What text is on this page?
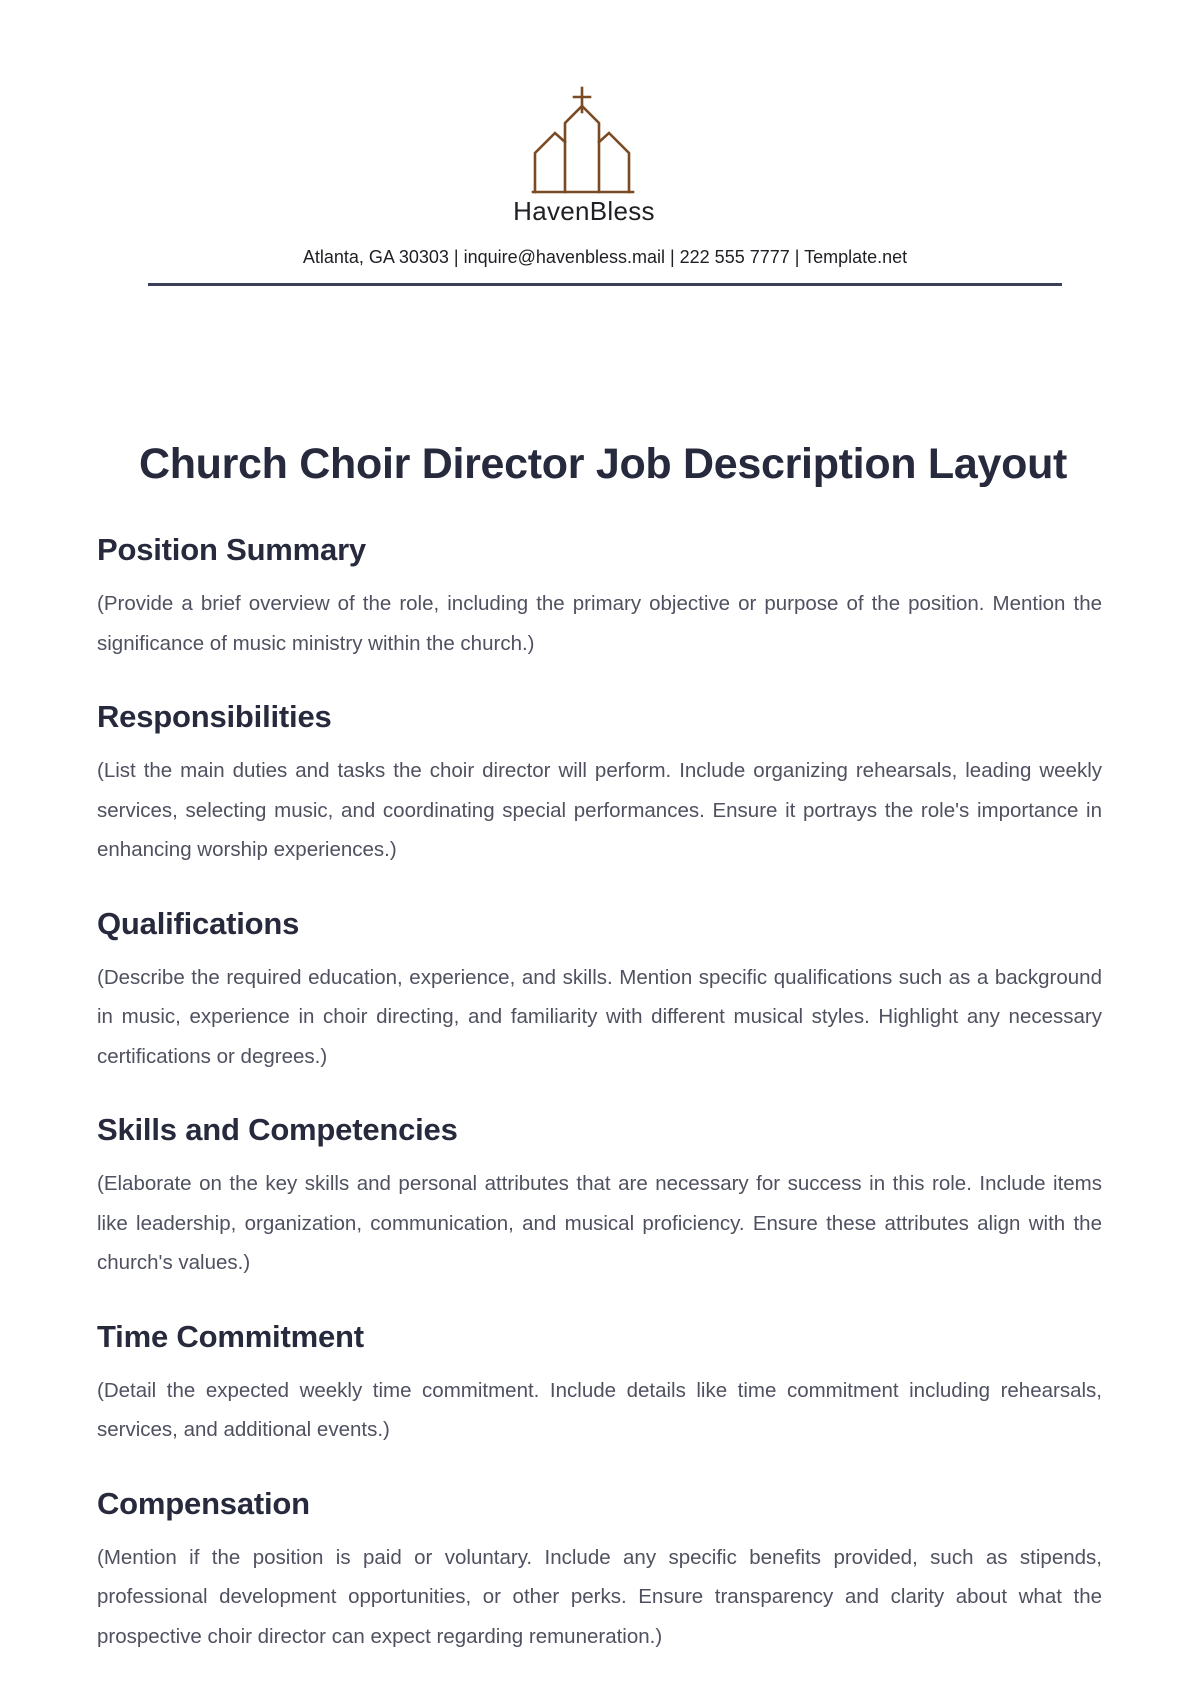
HavenBless
Atlanta, GA 30303 | inquire@havenbless.mail | 222 555 7777 | Template.net
Church Choir Director Job Description Layout
Position Summary

(Provide a brief overview of the role, including the primary objective or purpose of the position. Mention the significance of music ministry within the church.)

Responsibilities

(List the main duties and tasks the choir director will perform. Include organizing rehearsals, leading weekly services, selecting music, and coordinating special performances. Ensure it portrays the role's importance in enhancing worship experiences.)

Qualifications

(Describe the required education, experience, and skills. Mention specific qualifications such as a background in music, experience in choir directing, and familiarity with different musical styles. Highlight any necessary certifications or degrees.)

Skills and Competencies

(Elaborate on the key skills and personal attributes that are necessary for success in this role. Include items like leadership, organization, communication, and musical proficiency. Ensure these attributes align with the church's values.)

Time Commitment

(Detail the expected weekly time commitment. Include details like time commitment including rehearsals, services, and additional events.)

Compensation

(Mention if the position is paid or voluntary. Include any specific benefits provided, such as stipends, professional development opportunities, or other perks. Ensure transparency and clarity about what the prospective choir director can expect regarding remuneration.)
